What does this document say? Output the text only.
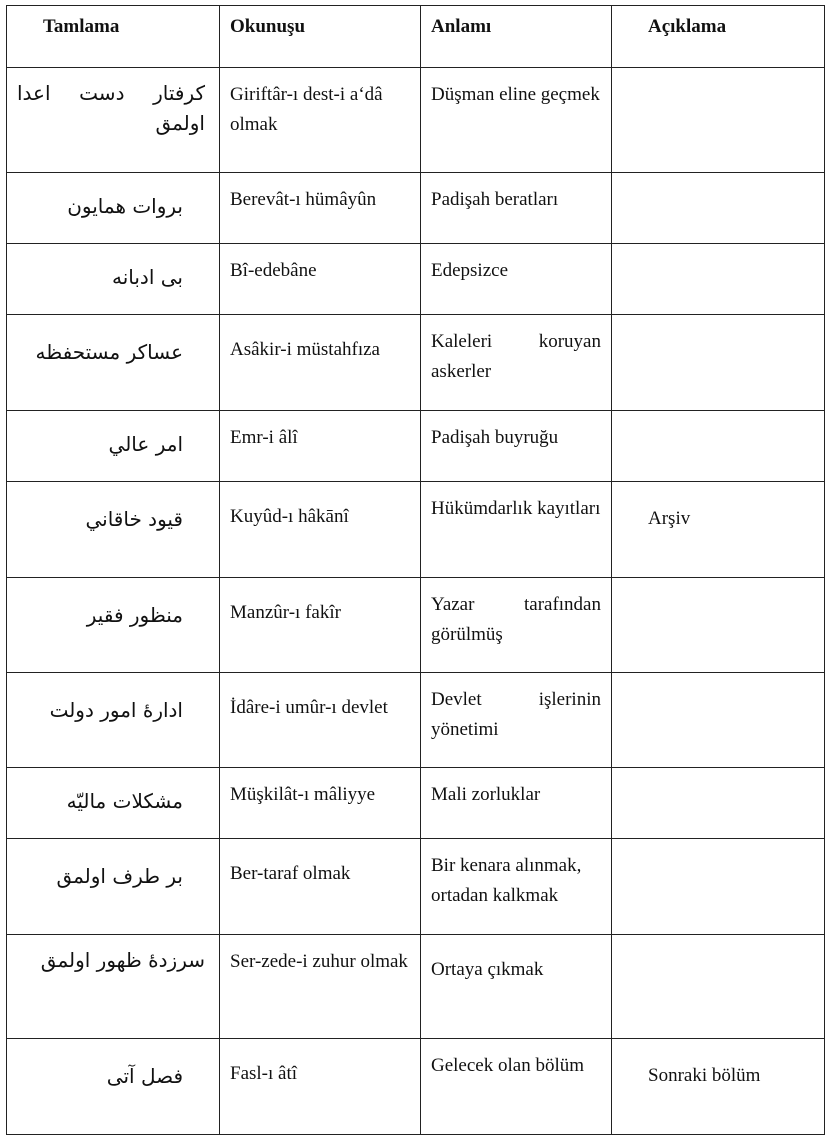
Tamlama	Okunuşu	Anlamı	Açıklama

كرفتار دست اعدا اولمق	Giriftâr-ı dest-i a‘dâ olmak	Düşman eline geçmek	

بروات همايون	Berevât-ı hümâyûn	Padişah beratları	

بى ادبانه	Bî-edebâne	Edepsizce	

عساكر مستحفظه	Asâkir-i müstahfıza	Kaleleri koruyan askerler	

امر عالي	Emr-i âlî	Padişah buyruğu	

قيود خاقاني	Kuyûd-ı hâkānî	Hükümdarlık kayıtları	Arşiv

منظور فقير	Manzûr-ı fakîr	Yazar tarafından görülmüş	

ادارهٔ امور دولت	İdâre-i umûr-ı devlet	Devlet işlerinin yönetimi	

مشكلات ماليّه	Müşkilât-ı mâliyye	Mali zorluklar	

بر طرف اولمق	Ber-taraf olmak	Bir kenara alınmak, ortadan kalkmak	

سرزدهٔ ظهور اولمق	Ser-zede-i zuhur olmak	Ortaya çıkmak	

فصل آتى	Fasl-ı âtî	Gelecek olan bölüm	Sonraki bölüm
